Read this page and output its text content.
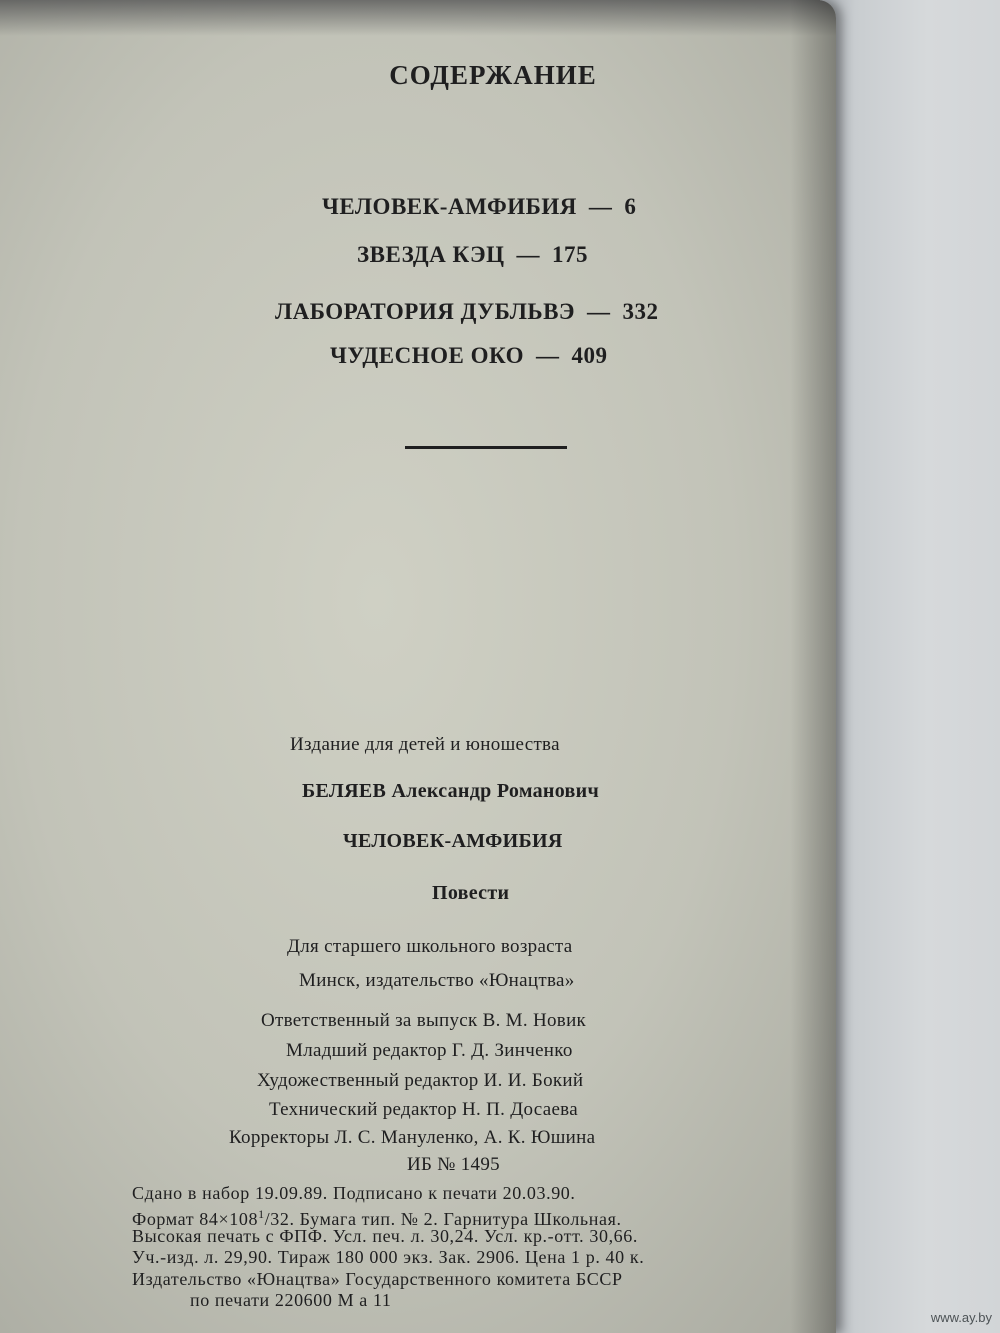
СОДЕРЖАНИЕ
ЧЕЛОВЕК-АМФИБИЯ — 6
ЗВЕЗДА КЭЦ — 175
ЛАБОРАТОРИЯ ДУБЛЬВЭ — 332
ЧУДЕСНОЕ ОКО — 409
Издание для детей и юношества
БЕЛЯЕВ Александр Романович
ЧЕЛОВЕК-АМФИБИЯ
Повести
Для старшего школьного возраста
Минск, издательство «Юнацтва»
Ответственный за выпуск В. М. Новик
Младший редактор Г. Д. Зинченко
Художественный редактор И. И. Бокий
Технический редактор Н. П. Досаева
Корректоры Л. С. Мануленко, А. К. Юшина
ИБ № 1495
Сдано в набор 19.09.89. Подписано к печати 20.03.90.
Формат $84\times 108^1/32$. Бумага тип. № 2. Гарнитура Школьная.
Высокая печать с ФПФ. Усл. печ. л. 30,24. Усл. кр.-отт. 30,66.
Уч.-изд. л. 29,90. Тираж 180 000 экз. Зак. 2906. Цена 1 р. 40 к.
Издательство «Юнацтва» Государственного комитета БССР
по печати 220600 М а 11
www.ay.by
